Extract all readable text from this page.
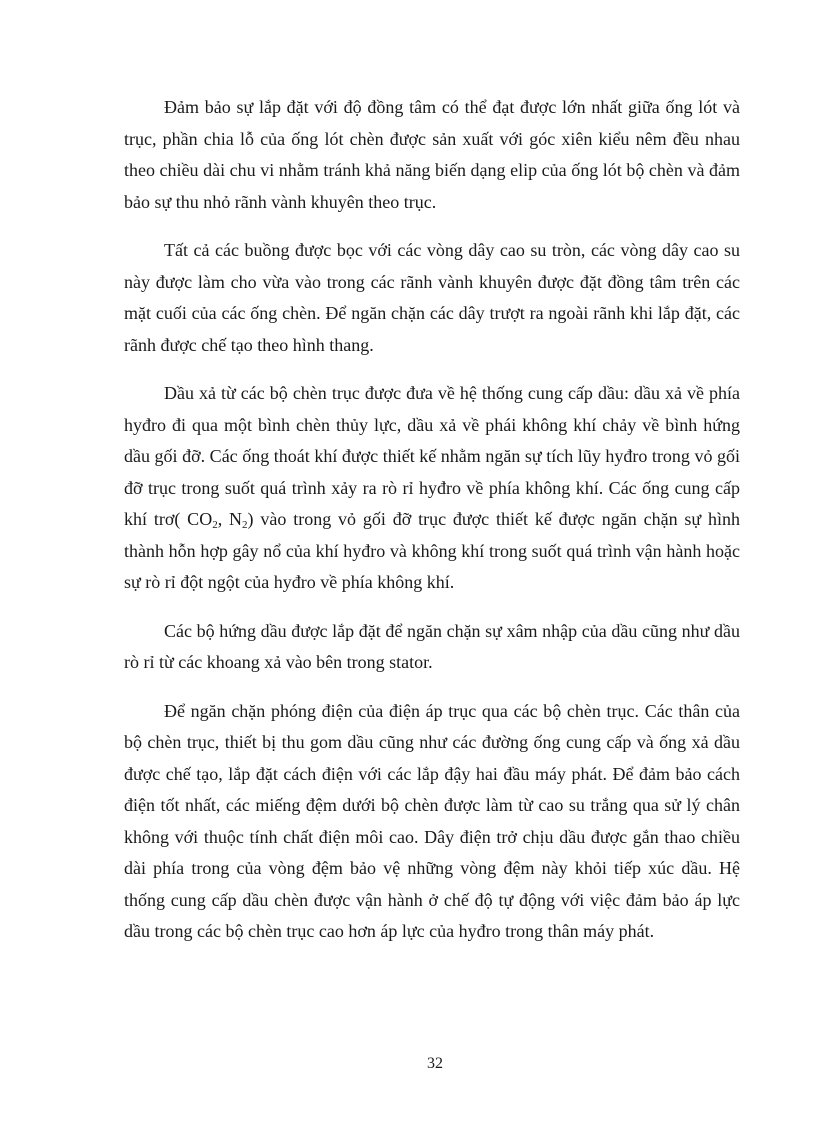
Đảm bảo sự lắp đặt với độ đồng tâm có thể đạt được lớn nhất giữa ống lót và trục, phần chia lỗ của ống lót chèn được sản xuất với góc xiên kiểu nêm đều nhau theo chiều dài chu vi nhằm tránh khả năng biến dạng elip của ống lót bộ chèn và đảm bảo sự thu nhỏ rãnh vành khuyên theo trục.

Tất cả các buồng được bọc với các vòng dây cao su tròn, các vòng dây cao su này được làm cho vừa vào trong các rãnh vành khuyên được đặt đồng tâm trên các mặt cuối của các ống chèn. Để ngăn chặn các dây trượt ra ngoài rãnh khi lắp đặt, các rãnh được chế tạo theo hình thang.

Dầu xả từ các bộ chèn trục được đưa về hệ thống cung cấp dầu: dầu xả về phía hyđro đi qua một bình chèn thủy lực, dầu xả về phái không khí chảy về bình hứng dầu gối đỡ. Các ống thoát khí được thiết kế nhằm ngăn sự tích lũy hyđro trong vỏ gối đỡ trục trong suốt quá trình xảy ra rò rỉ hyđro về phía không khí. Các ống cung cấp khí trơ( $CO_2$, $N_2$) vào trong vỏ gối đỡ trục được thiết kế được ngăn chặn sự hình thành hỗn hợp gây nổ của khí hyđro và không khí trong suốt quá trình vận hành hoặc sự rò rỉ đột ngột của hyđro về phía không khí.

Các bộ hứng dầu được lắp đặt để ngăn chặn sự xâm nhập của dầu cũng như dầu rò rỉ từ các khoang xả vào bên trong stator.

Để ngăn chặn phóng điện của điện áp trục qua các bộ chèn trục. Các thân của bộ chèn trục, thiết bị thu gom dầu cũng như các đường ống cung cấp và ống xả dầu được chế tạo, lắp đặt cách điện với các lắp đậy hai đầu máy phát. Để đảm bảo cách điện tốt nhất, các miếng đệm dưới bộ chèn được làm từ cao su trắng qua sử lý chân không với thuộc tính chất điện môi cao. Dây điện trở chịu dầu được gắn thao chiều dài phía trong của vòng đệm bảo vệ những vòng đệm này khỏi tiếp xúc dầu. Hệ thống cung cấp dầu chèn được vận hành ở chế độ tự động với việc đảm bảo áp lực dầu trong các bộ chèn trục cao hơn áp lực của hyđro trong thân máy phát.

32
